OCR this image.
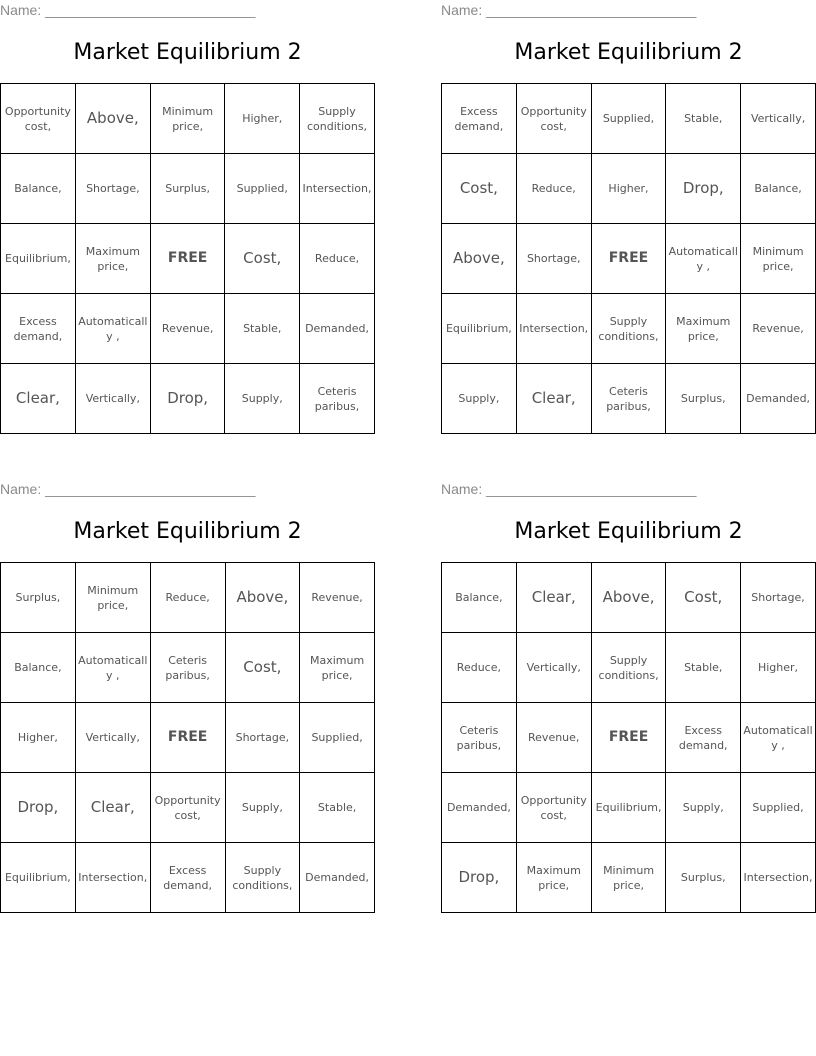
Name: ___________________________
Market Equilibrium 2
Opportunity cost,	Above,	Minimum price,	Higher,	Supply conditions,
Balance,	Shortage,	Surplus,	Supplied,	Intersection,
Equilibrium,	Maximum price,	FREE	Cost,	Reduce,
Excess demand,	Automatically ,	Revenue,	Stable,	Demanded,
Clear,	Vertically,	Drop,	Supply,	Ceteris paribus,
Name: ___________________________
Market Equilibrium 2
Excess demand,	Opportunity cost,	Supplied,	Stable,	Vertically,
Cost,	Reduce,	Higher,	Drop,	Balance,
Above,	Shortage,	FREE	Automatically ,	Minimum price,
Equilibrium,	Intersection,	Supply conditions,	Maximum price,	Revenue,
Supply,	Clear,	Ceteris paribus,	Surplus,	Demanded,
Name: ___________________________
Market Equilibrium 2
Surplus,	Minimum price,	Reduce,	Above,	Revenue,
Balance,	Automatically ,	Ceteris paribus,	Cost,	Maximum price,
Higher,	Vertically,	FREE	Shortage,	Supplied,
Drop,	Clear,	Opportunity cost,	Supply,	Stable,
Equilibrium,	Intersection,	Excess demand,	Supply conditions,	Demanded,
Name: ___________________________
Market Equilibrium 2
Balance,	Clear,	Above,	Cost,	Shortage,
Reduce,	Vertically,	Supply conditions,	Stable,	Higher,
Ceteris paribus,	Revenue,	FREE	Excess demand,	Automatically ,
Demanded,	Opportunity cost,	Equilibrium,	Supply,	Supplied,
Drop,	Maximum price,	Minimum price,	Surplus,	Intersection,
